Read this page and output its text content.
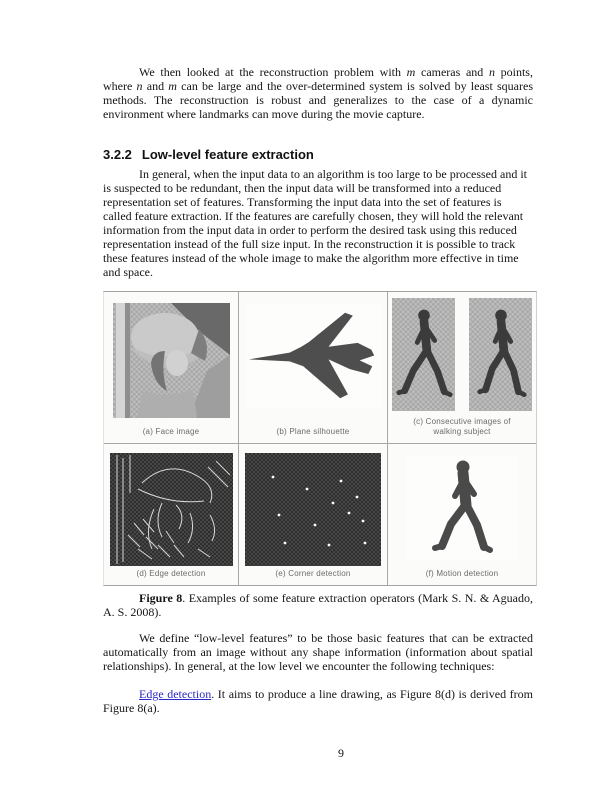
We then looked at the reconstruction problem with m cameras and n points, where n and m can be large and the over-determined system is solved by least squares methods. The reconstruction is robust and generalizes to the case of a dynamic environment where landmarks can move during the movie capture.

3.2.2 Low-level feature extraction

In general, when the input data to an algorithm is too large to be processed and it is suspected to be redundant, then the input data will be transformed into a reduced representation set of features. Transforming the input data into the set of features is called feature extraction. If the features are carefully chosen, they will hold the relevant information from the input data in order to perform the desired task using this reduced representation instead of the full size input. In the reconstruction it is possible to track these features instead of the whole image to make the algorithm more effective in time and space.

(a) Face image	(b) Plane silhouette
(c) Consecutive images of
walking subject
(d) Edge detection	(e) Corner detection	(f) Motion detection

Figure 8. Examples of some feature extraction operators (Mark S. N. & Aguado, A. S. 2008).

We define “low-level features” to be those basic features that can be extracted automatically from an image without any shape information (information about spatial relationships). In general, at the low level we encounter the following techniques:

Edge detection. It aims to produce a line drawing, as Figure 8(d) is derived from Figure 8(a).

9
